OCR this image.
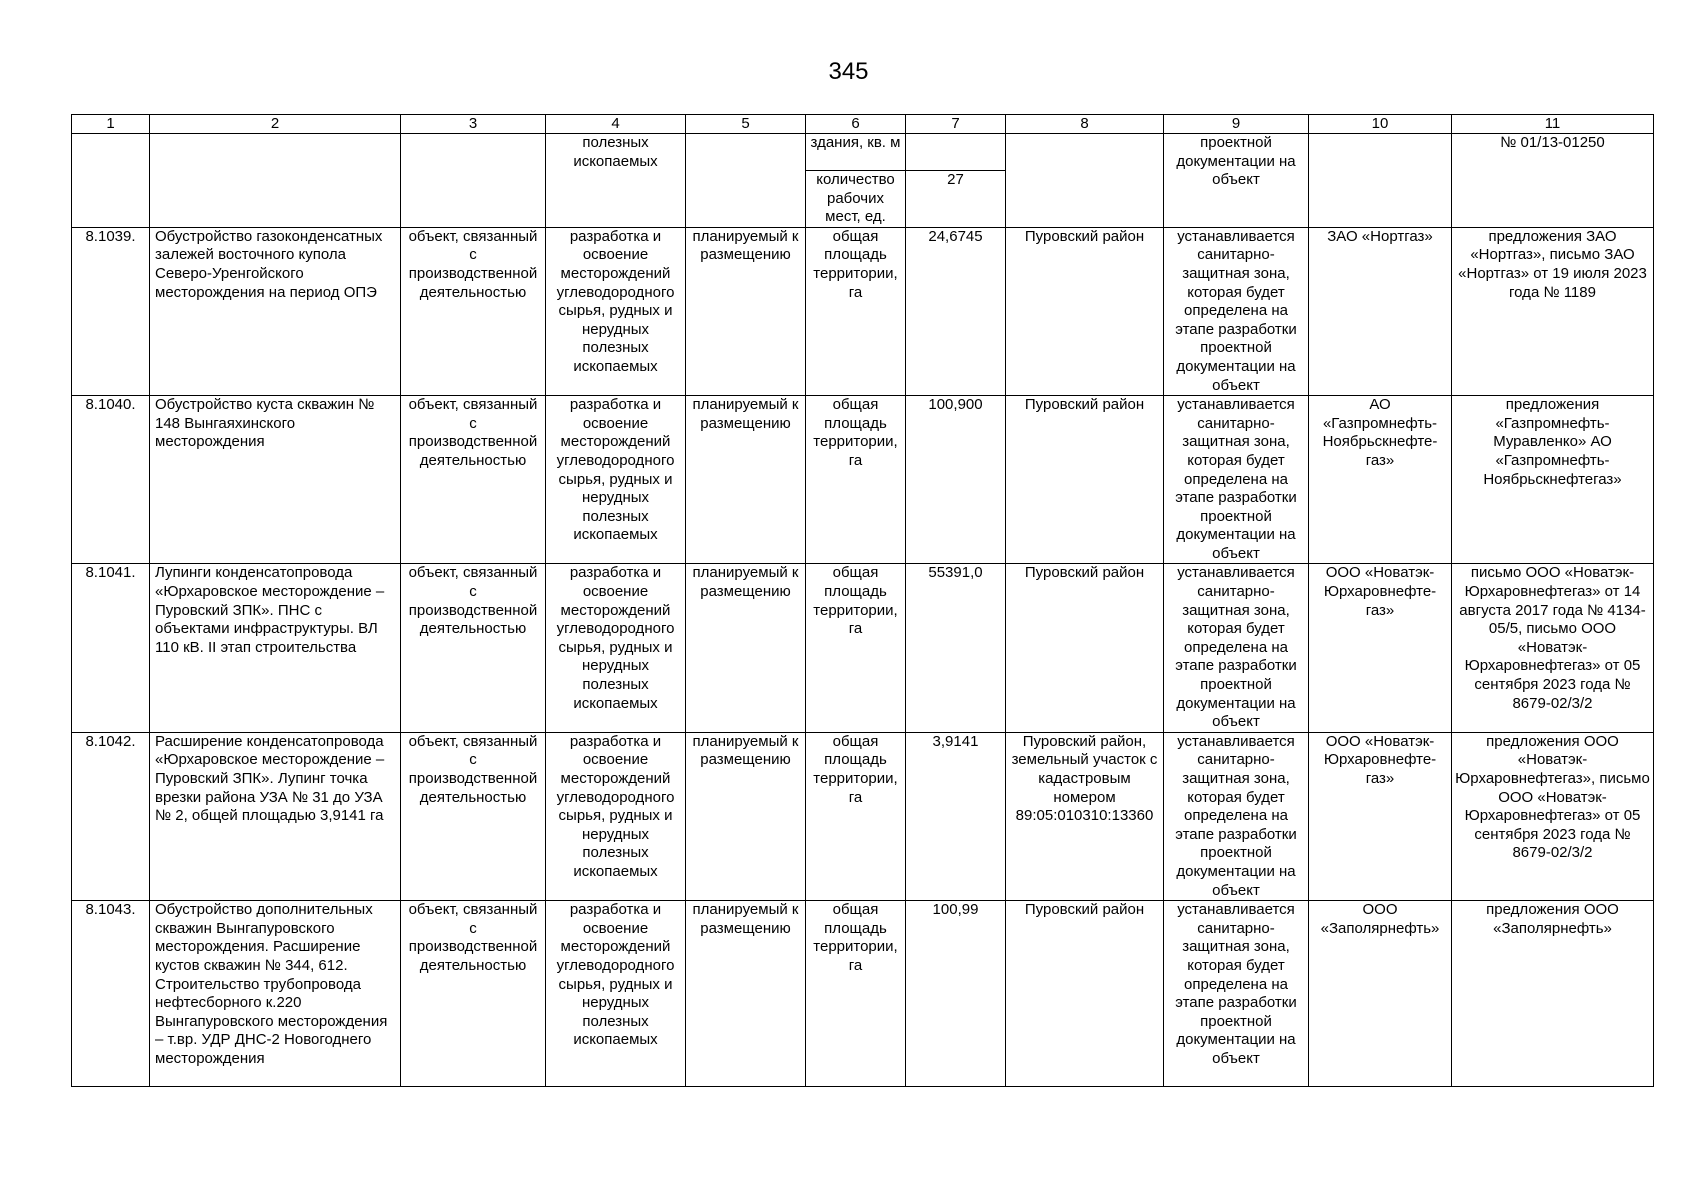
345
1	2	3	4	5	6	7	8	9	10	11
			полезных ископаемых		здания, кв. м			проектной документации на объект		№ 01/13-01250
					количество рабочих мест, ед.	27				
8.1039.	Обустройство газоконденсатных залежей восточного купола Северо-Уренгойского месторождения на период ОПЭ	объект, связанный с производственной деятельностью	разработка и освоение месторождений углеводородного сырья, рудных и нерудных полезных ископаемых	планируемый к размещению	общая площадь территории, га	24,6745	Пуровский район	устанавливается санитарно-защитная зона, которая будет определена на этапе разработки проектной документации на объект	ЗАО «Нортгаз»	предложения ЗАО «Нортгаз», письмо ЗАО «Нортгаз» от 19 июля 2023 года № 1189
8.1040.	Обустройство куста скважин № 148 Вынгаяхинского месторождения	объект, связанный с производственной деятельностью	разработка и освоение месторождений углеводородного сырья, рудных и нерудных полезных ископаемых	планируемый к размещению	общая площадь территории, га	100,900	Пуровский район	устанавливается санитарно-защитная зона, которая будет определена на этапе разработки проектной документации на объект	АО «Газпромнефть-Ноябрьскнефте-газ»	предложения «Газпромнефть-Муравленко» АО «Газпромнефть-Ноябрьскнефтегаз»
8.1041.	Лупинги конденсатопровода «Юрхаровское месторождение – Пуровский ЗПК». ПНС с объектами инфраструктуры. ВЛ 110 кВ. II этап строительства	объект, связанный с производственной деятельностью	разработка и освоение месторождений углеводородного сырья, рудных и нерудных полезных ископаемых	планируемый к размещению	общая площадь территории, га	55391,0	Пуровский район	устанавливается санитарно-защитная зона, которая будет определена на этапе разработки проектной документации на объект	ООО «Новатэк-Юрхаровнефте-газ»	письмо ООО «Новатэк-Юрхаровнефтегаз» от 14 августа 2017 года № 4134-05/5, письмо ООО «Новатэк-Юрхаровнефтегаз» от 05 сентября 2023 года № 8679-02/3/2
8.1042.	Расширение конденсатопровода «Юрхаровское месторождение – Пуровский ЗПК». Лупинг точка врезки района УЗА № 31 до УЗА № 2, общей площадью 3,9141 га	объект, связанный с производственной деятельностью	разработка и освоение месторождений углеводородного сырья, рудных и нерудных полезных ископаемых	планируемый к размещению	общая площадь территории, га	3,9141	Пуровский район, земельный участок с кадастровым номером 89:05:010310:13360	устанавливается санитарно-защитная зона, которая будет определена на этапе разработки проектной документации на объект	ООО «Новатэк-Юрхаровнефте-газ»	предложения ООО «Новатэк-Юрхаровнефтегаз», письмо ООО «Новатэк-Юрхаровнефтегаз» от 05 сентября 2023 года № 8679-02/3/2
8.1043.	Обустройство дополнительных скважин Вынгапуровского месторождения. Расширение кустов скважин № 344, 612. Строительство трубопровода нефтесборного к.220 Вынгапуровского месторождения – т.вр. УДР ДНС-2 Новогоднего месторождения	объект, связанный с производственной деятельностью	разработка и освоение месторождений углеводородного сырья, рудных и нерудных полезных ископаемых	планируемый к размещению	общая площадь территории, га	100,99	Пуровский район	устанавливается санитарно-защитная зона, которая будет определена на этапе разработки проектной документации на объект	ООО «Заполярнефть»	предложения ООО «Заполярнефть»
